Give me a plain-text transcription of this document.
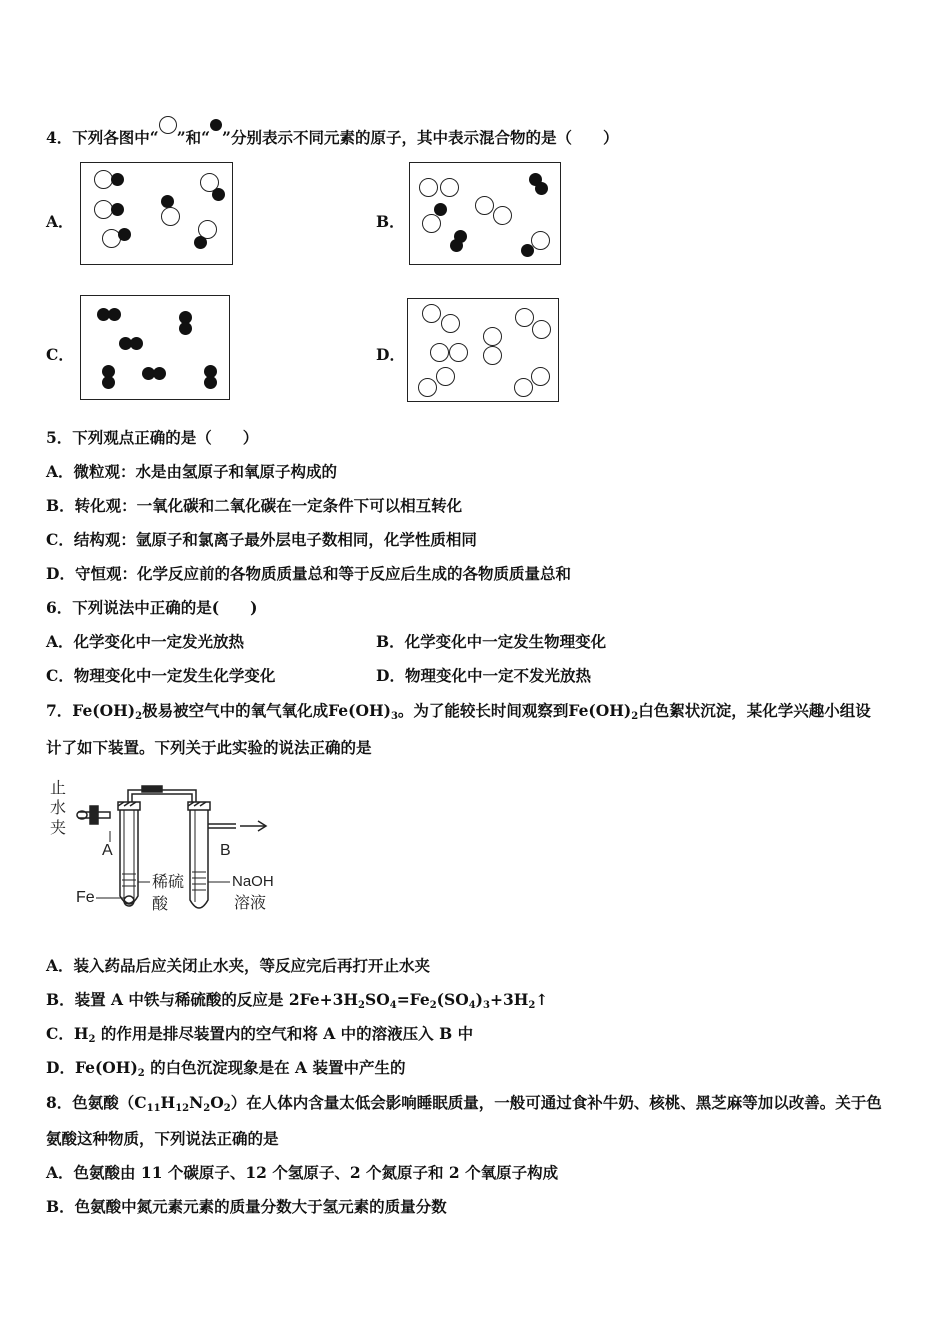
4．下列各图中“ ”和“ ”分别表示不同元素的原子，其中表示混合物的是（　　）
A．	B．
C．	D．
5．下列观点正确的是（　　）
A．微粒观：水是由氢原子和氧原子构成的
B．转化观：一氧化碳和二氧化碳在一定条件下可以相互转化
C．结构观：氩原子和氯离子最外层电子数相同，化学性质相同
D．守恒观：化学反应前的各物质质量总和等于反应后生成的各物质质量总和
6．下列说法中正确的是(　　)
A．化学变化中一定发光放热	B．化学变化中一定发生物理变化
C．物理变化中一定发生化学变化	D．物理变化中一定不发光放热
7．$Fe(OH)_2$极易被空气中的氧气氧化成$Fe(OH)_3$。为了能较长时间观察到$Fe(OH)_2$白色絮状沉淀，某化学兴趣小组设
计了如下装置。下列关于此实验的说法正确的是
止
水
夹
A	B
Fe
稀硫
酸
NaOH
溶液
A．装入药品后应关闭止水夹，等反应完后再打开止水夹
B．装置 A 中铁与稀硫酸的反应是 $2Fe+3H_2SO_4=Fe_2(SO_4)_3+3H_2↑$
C．$H_2$ 的作用是排尽装置内的空气和将 A 中的溶液压入 B 中
D．$Fe(OH)_2$ 的白色沉淀现象是在 A 装置中产生的
8．色氨酸$(C_{11}H_{12}N_2O_2)$在人体内含量太低会影响睡眠质量，一般可通过食补牛奶、核桃、黑芝麻等加以改善。关于色
氨酸这种物质，下列说法正确的是
A．色氨酸由 11 个碳原子、12 个氢原子、2 个氮原子和 2 个氧原子构成
B．色氨酸中氮元素元素的质量分数大于氢元素的质量分数
